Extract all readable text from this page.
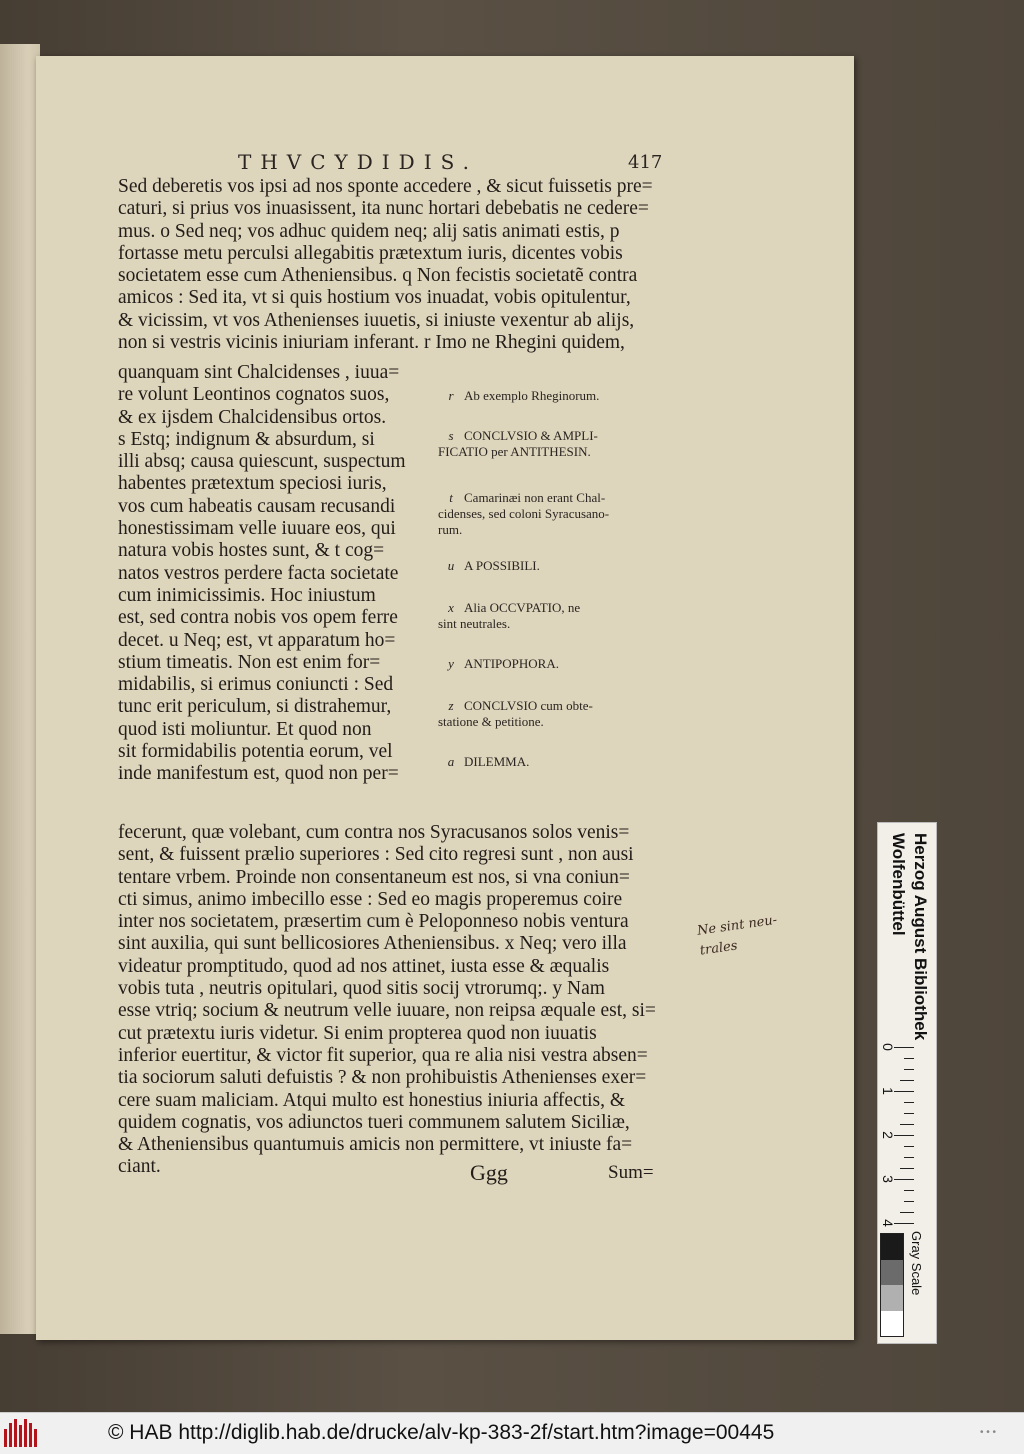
THVCYDIDIS.	417
Sed deberetis vos ipsi ad nos sponte accedere , & sicut fuissetis pre=
caturi, si prius vos inuasissent, ita nunc hortari debebatis ne cedere=
mus. o Sed neq; vos adhuc quidem neq; alij satis animati estis, p
fortasse metu perculsi allegabitis prætextum iuris, dicentes vobis
societatem esse cum Atheniensibus. q Non fecistis societatẽ contra
amicos : Sed ita, vt si quis hostium vos inuadat, vobis opitulentur,
& vicissim, vt vos Athenienses iuuetis, si iniuste vexentur ab alijs,
non si vestris vicinis iniuriam inferant. r Imo ne Rhegini quidem,
quanquam sint Chalcidenses , iuua=
re volunt Leontinos cognatos suos,
& ex ijsdem Chalcidensibus ortos.
s Estq; indignum & absurdum, si
illi absq; causa quiescunt, suspectum
habentes prætextum speciosi iuris,
vos cum habeatis causam recusandi
honestissimam velle iuuare eos, qui
natura vobis hostes sunt, & t cog=
natos vestros perdere facta societate
cum inimicissimis. Hoc iniustum
est, sed contra nobis vos opem ferre
decet. u Neq; est, vt apparatum ho=
stium timeatis. Non est enim for=
midabilis, si erimus coniuncti : Sed
tunc erit periculum, si distrahemur,
quod isti moliuntur. Et quod non
sit formidabilis potentia eorum, vel
inde manifestum est, quod non per=
r Ab exemplo Rheginorum.
s CONCLVSIO & AMPLI-
FICATIO per ANTITHESIN.
t Camarinæi non erant Chal-
cidenses, sed coloni Syracusano-
rum.
u A POSSIBILI.
x Alia OCCVPATIO, ne
sint neutrales.
y ANTIPOPHORA.
z CONCLVSIO cum obte-
statione & petitione.
a DILEMMA.
fecerunt, quæ volebant, cum contra nos Syracusanos solos venis=
sent, & fuissent prælio superiores : Sed cito regresi sunt , non ausi
tentare vrbem. Proinde non consentaneum est nos, si vna coniun=
cti simus, animo imbecillo esse : Sed eo magis properemus coire
inter nos societatem, præsertim cum è Peloponneso nobis ventura
sint auxilia, qui sunt bellicosiores Atheniensibus. x Neq; vero illa
videatur promptitudo, quod ad nos attinet, iusta esse & æqualis
vobis tuta , neutris opitulari, quod sitis socij vtrorumq;. y Nam
esse vtriq; socium & neutrum velle iuuare, non reipsa æquale est, si=
cut prætextu iuris videtur. Si enim propterea quod non iuuatis
inferior euertitur, & victor fit superior, qua re alia nisi vestra absen=
tia sociorum saluti defuistis ? & non prohibuistis Athenienses exer=
cere suam maliciam. Atqui multo est honestius iniuria affectis, &
quidem cognatis, vos adiunctos tueri communem salutem Siciliæ,
& Atheniensibus quantumuis amicis non permittere, vt iniuste fa=
ciant.	Ggg	Sum=
Ne sint neu-
trales	Herzog August Bibliothek
Wolfenbüttel
0
1
2
3
4
Gray Scale
© HAB http://diglib.hab.de/drucke/alv-kp-383-2f/start.htm?image=00445	• • •
